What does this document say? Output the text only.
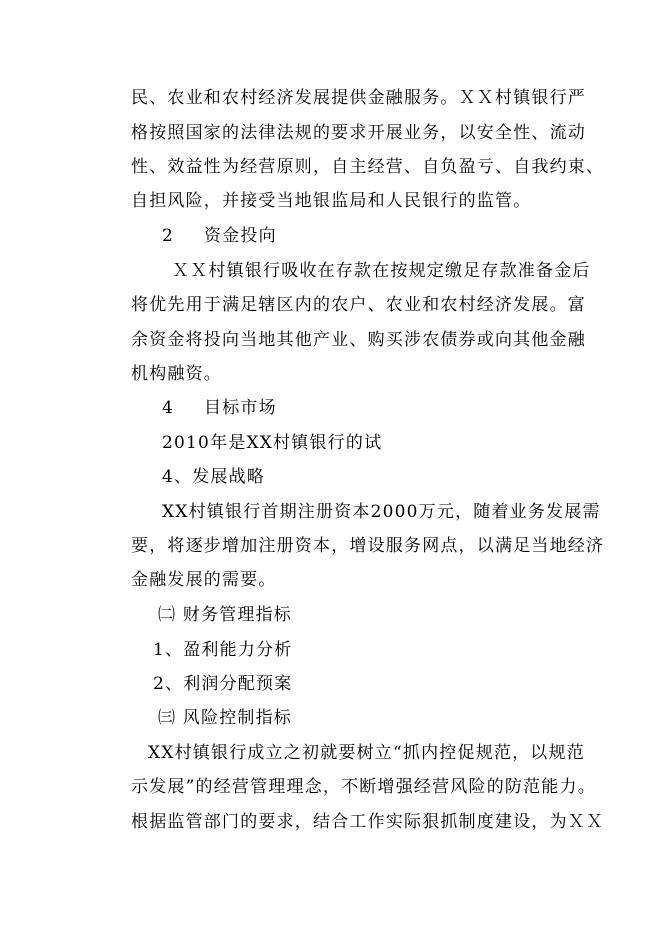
民、农业和农村经济发展提供金融服务。ＸＸ村镇银行严
格按照国家的法律法规的要求开展业务，以安全性、流动
性、效益性为经营原则，自主经营、自负盈亏、自我约束、
自担风险，并接受当地银监局和人民银行的监管。
2 资金投向
ＸＸ村镇银行吸收在存款在按规定缴足存款准备金后
将优先用于满足辖区内的农户、农业和农村经济发展。富
余资金将投向当地其他产业、购买涉农债券或向其他金融
机构融资。
4 目标市场
2010年是XX村镇银行的试
4、发展战略
XX村镇银行首期注册资本2000万元，随着业务发展需
要，将逐步增加注册资本，增设服务网点，以满足当地经济
金融发展的需要。
㈡ 财务管理指标
1、盈利能力分析
2、利润分配预案
㈢ 风险控制指标
XX村镇银行成立之初就要树立“抓内控促规范，以规范
示发展”的经营管理理念，不断增强经营风险的防范能力。
根据监管部门的要求，结合工作实际狠抓制度建设，为ＸＸ
